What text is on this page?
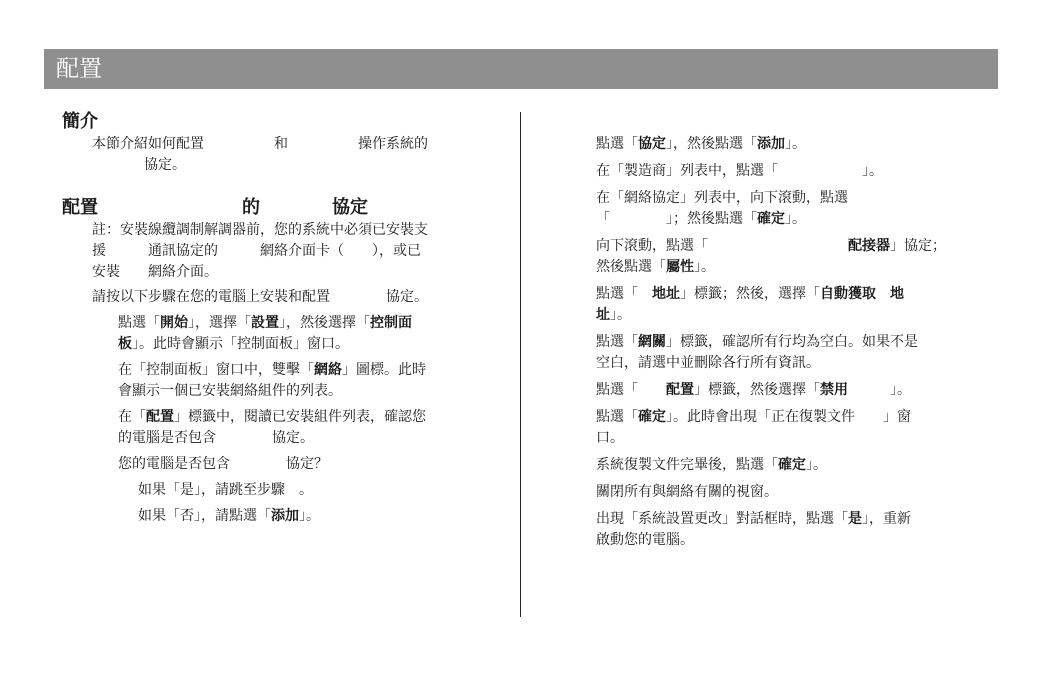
配置
簡介
本節介紹如何配置　　　　　和　　　　　操作系統的
協定。
配置　　　　　　　　的　　　　協定
註：安裝線纜調制解調器前，您的系統中必須已安裝支
援　　　通訊協定的　　　網絡介面卡（　　），或已
安裝　　網絡介面。

請按以下步驟在您的電腦上安裝和配置　　　　協定。

點選「開始」，選擇「設置」，然後選擇「控制面
板」。此時會顯示「控制面板」窗口。

在「控制面板」窗口中，雙擊「網絡」圖標。此時
會顯示一個已安裝網絡組件的列表。

在「配置」標籤中，閱讀已安裝組件列表，確認您
的電腦是否包含　　　　協定。

您的電腦是否包含　　　　協定？

如果「是」，請跳至步驟　。

如果「否」，請點選「添加」。

點選「協定」，然後點選「添加」。

在「製造商」列表中，點選「　　　　　　」。

在「網絡協定」列表中，向下滾動，點選
「　　　　」；然後點選「確定」。

向下滾動，點選「　　　　　　　　　　配接器」協定；
然後點選「屬性」。

點選「　地址」標籤；然後，選擇「自動獲取　地
址」。

點選「網關」標籤，確認所有行均為空白。如果不是
空白，請選中並刪除各行所有資訊。

點選「　　配置」標籤，然後選擇「禁用　　　」。

點選「確定」。此時會出現「正在復製文件　　」窗
口。

系統復製文件完畢後，點選「確定」。

關閉所有與網絡有關的視窗。

出現「系統設置更改」對話框時，點選「是」，重新
啟動您的電腦。
